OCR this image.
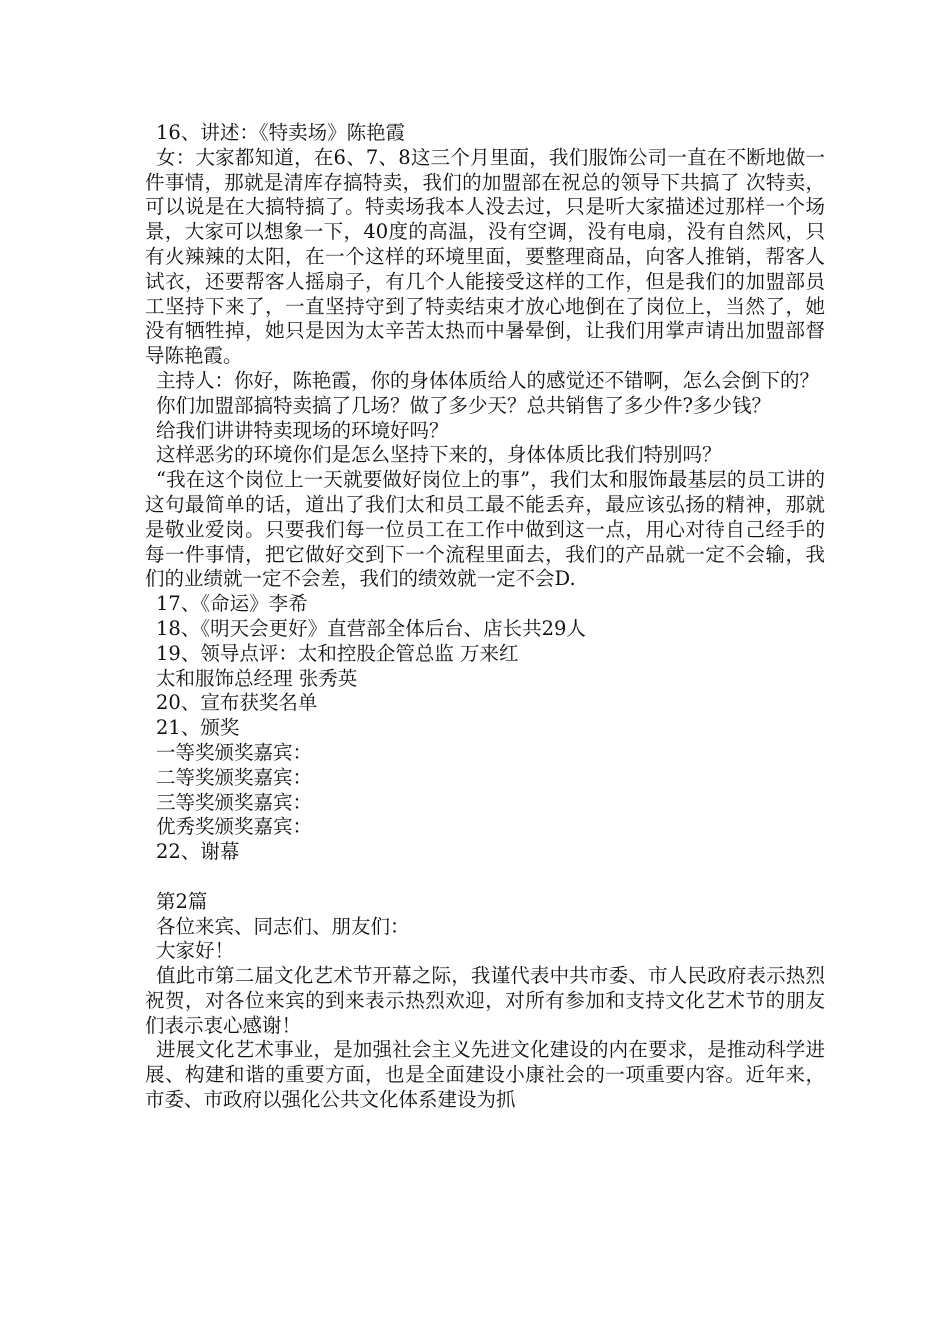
16、讲述：《特卖场》陈艳霞

女：大家都知道，在6、7、8这三个月里面，我们服饰公司一直在不断地做一件事情，那就是清库存搞特卖，我们的加盟部在祝总的领导下共搞了 次特卖，可以说是在大搞特搞了。特卖场我本人没去过，只是听大家描述过那样一个场景，大家可以想象一下，40度的高温，没有空调，没有电扇，没有自然风，只有火辣辣的太阳，在一个这样的环境里面，要整理商品，向客人推销，帮客人试衣，还要帮客人摇扇子，有几个人能接受这样的工作，但是我们的加盟部员工坚持下来了，一直坚持守到了特卖结束才放心地倒在了岗位上，当然了，她没有牺牲掉，她只是因为太辛苦太热而中暑晕倒，让我们用掌声请出加盟部督导陈艳霞。

主持人：你好，陈艳霞，你的身体体质给人的感觉还不错啊，怎么会倒下的？

你们加盟部搞特卖搞了几场？做了多少天？总共销售了多少件?多少钱？

给我们讲讲特卖现场的环境好吗？

这样恶劣的环境你们是怎么坚持下来的，身体体质比我们特别吗？

“我在这个岗位上一天就要做好岗位上的事”，我们太和服饰最基层的员工讲的这句最简单的话，道出了我们太和员工最不能丢弃，最应该弘扬的精神，那就是敬业爱岗。只要我们每一位员工在工作中做到这一点，用心对待自己经手的每一件事情，把它做好交到下一个流程里面去，我们的产品就一定不会输，我们的业绩就一定不会差，我们的绩效就一定不会D.

17、《命运》李希

18、《明天会更好》直营部全体后台、店长共29人

19、领导点评：太和控股企管总监 万来红

太和服饰总经理 张秀英

20、宣布获奖名单

21、颁奖

一等奖颁奖嘉宾：

二等奖颁奖嘉宾：

三等奖颁奖嘉宾：

优秀奖颁奖嘉宾：

22、谢幕

第2篇

各位来宾、同志们、朋友们：

大家好！

值此市第二届文化艺术节开幕之际，我谨代表中共市委、市人民政府表示热烈祝贺，对各位来宾的到来表示热烈欢迎，对所有参加和支持文化艺术节的朋友们表示衷心感谢！

进展文化艺术事业，是加强社会主义先进文化建设的内在要求，是推动科学进展、构建和谐的重要方面，也是全面建设小康社会的一项重要内容。近年来，市委、市政府以强化公共文化体系建设为抓
